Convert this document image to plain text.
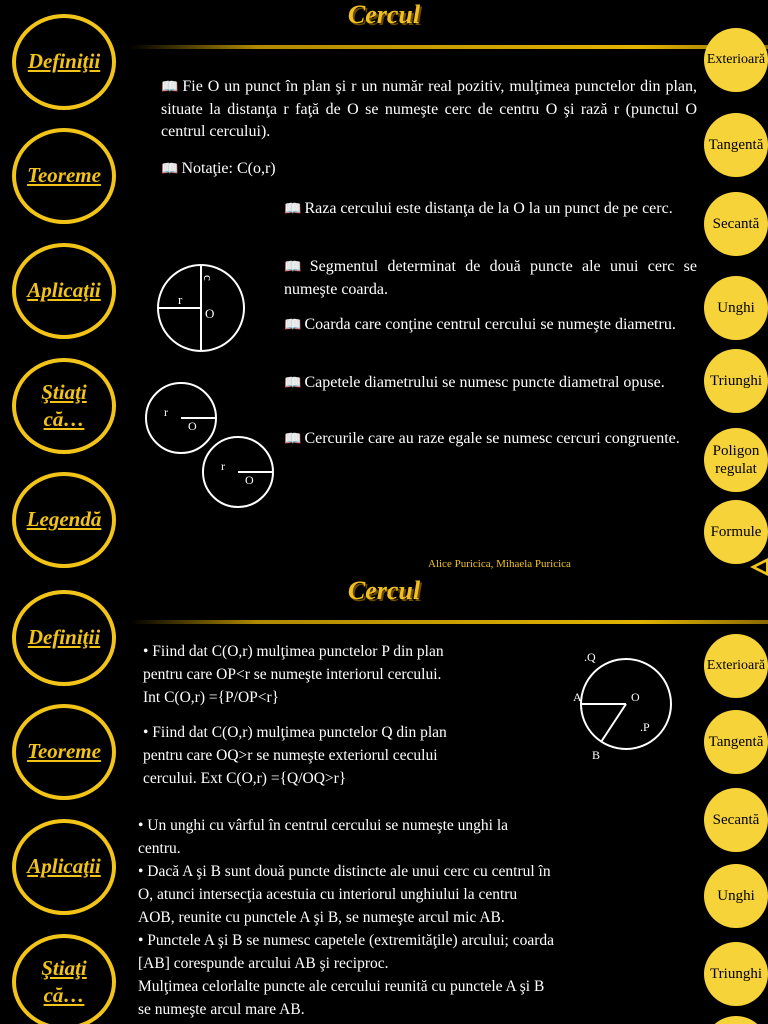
Cercul
Definiţii
Teoreme
Aplicaţii
Ştiaţi
că…
Legendă
Exterioară
Tangentă
Secantă
Unghi
Triunghi
Poligon regulat
Formule
📖 Fie O un punct în plan şi r un număr real pozitiv, mulţimea punctelor din plan, situate la distanţa r faţă de O se numeşte cerc de centru O şi rază r (punctul O centrul cercului).
📖 Notaţie: C(o,r)
📖 Raza cercului este distanţa de la O la un punct de pe cerc.
📖 Segmentul determinat de două puncte ale unui cerc se numeşte coarda.
📖 Coarda care conţine centrul cercului se numeşte diametru.
📖 Capetele diametrului se numesc puncte diametral opuse.
📖 Cercurile care au raze egale se numesc cercuri congruente.
r
O
c
r
O
r
O
Alice Puricica, Mihaela Puricica
Cercul
Definiţii
Teoreme
Aplicaţii
Ştiaţi
că…
Exterioară
Tangentă
Secantă
Unghi
Triunghi
• Fiind dat C(O,r) mulţimea punctelor P din plan
pentru care OP<r se numeşte interiorul cercului.
Int C(O,r) ={P/OP<r}
• Fiind dat C(O,r) mulţimea punctelor Q din plan
pentru care OQ>r se numeşte exteriorul cecului
cercului. Ext C(O,r) ={Q/OQ>r}
.Q
A	O
.P
B
• Un unghi cu vârful în centrul cercului se numeşte unghi la
centru.
• Dacă A şi B sunt două puncte distincte ale unui cerc cu centrul în
O, atunci intersecţia acestuia cu interiorul unghiului la centru
AOB, reunite cu punctele A şi B, se numeşte arcul mic AB.
• Punctele A şi B se numesc capetele (extremităţile) arcului; coarda
[AB] corespunde arcului AB şi reciproc.
Mulţimea celorlalte puncte ale cercului reunită cu punctele A şi B
se numeşte arcul mare AB.
